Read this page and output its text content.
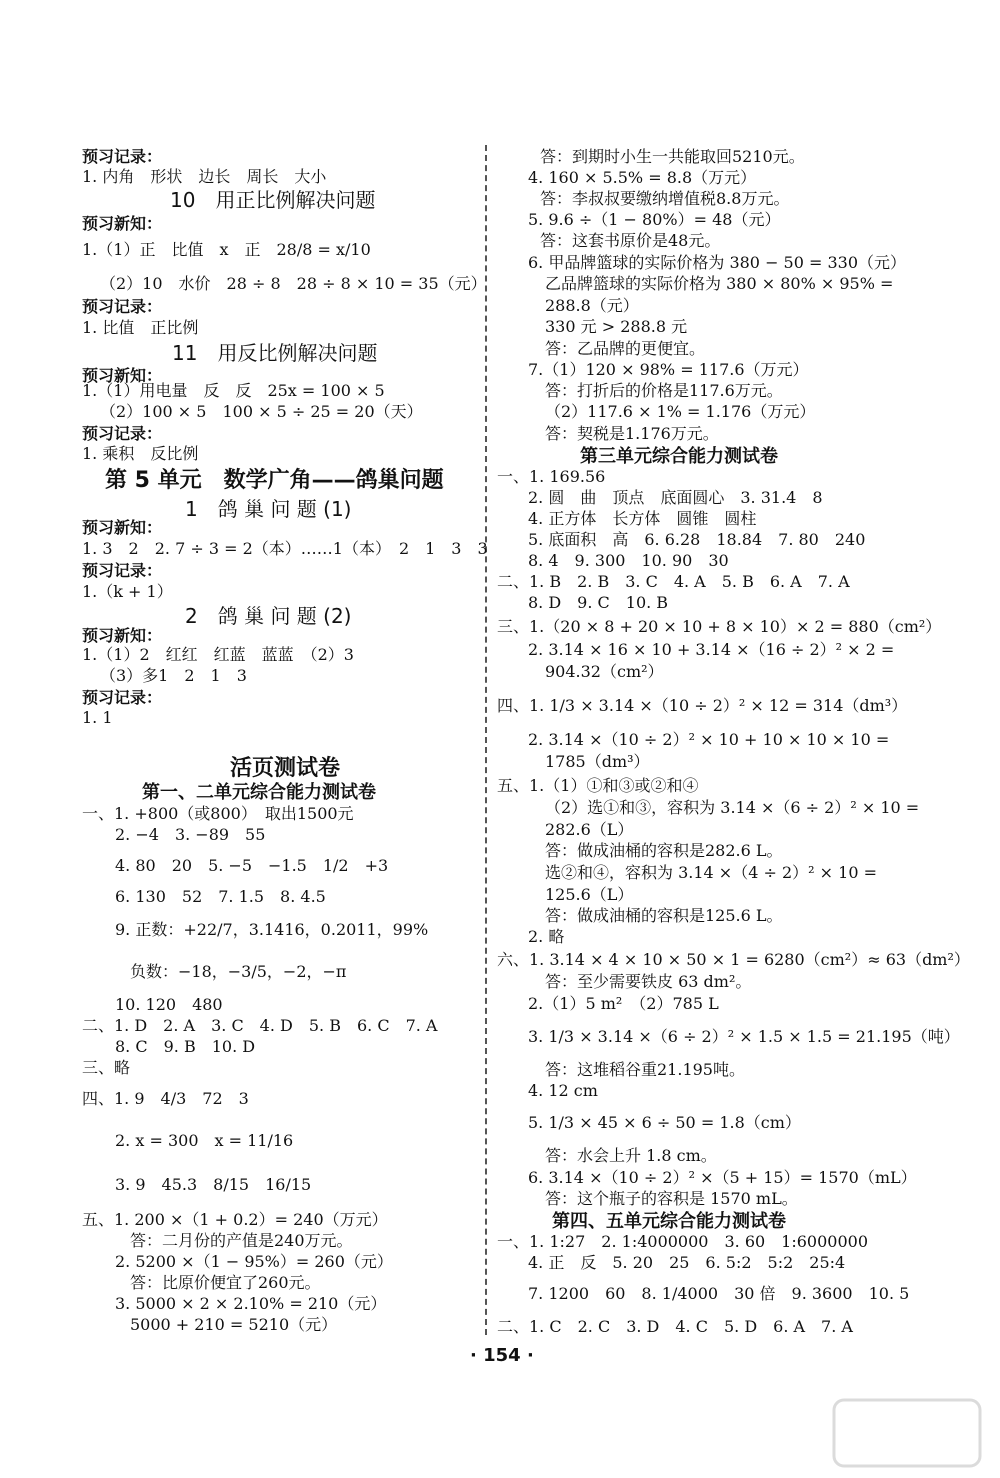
预习记录：
1. 内角　形状　边长　周长　大小
10　用正比例解决问题
预习新知：
1.（1）正　比值　x　正　28/8 = x/10
（2）10　水价　28 ÷ 8　28 ÷ 8 × 10 = 35（元）
预习记录：
1. 比值　正比例
11　用反比例解决问题
预习新知：
1.（1）用电量　反　反　25x = 100 × 5
（2）100 × 5　100 × 5 ÷ 25 = 20（天）
预习记录：
1. 乘积　反比例
第 5 单元　数学广角——鸽巢问题
1　鸽 巢 问 题 (1)
预习新知：
1. 3　2　2. 7 ÷ 3 = 2（本）……1（本）　2　1　3　3
预习记录：
1.（k + 1）
2　鸽 巢 问 题 (2)
预习新知：
1.（1）2　红红　红蓝　蓝蓝　（2）3
（3）多1　2　1　3
预习记录：
1. 1
活页测试卷
第一、二单元综合能力测试卷
一、1. +800（或800）　取出1500元
2. −4　3. −89　55
4. 80　20　5. −5　−1.5　1/2　+3
6. 130　52　7. 1.5　8. 4.5
9. 正数：+22/7，3.1416，0.2011，99%
负数：−18，−3/5，−2，−π
10. 120　480
二、1. D　2. A　3. C　4. D　5. B　6. C　7. A
8. C　9. B　10. D
三、略
四、1. 9　4/3　72　3
2. x = 300　x = 11/16
3. 9　45.3　8/15　16/15
五、1. 200 ×（1 + 0.2）= 240（万元）
答：二月份的产值是240万元。
2. 5200 ×（1 − 95%）= 260（元）
答：比原价便宜了260元。
3. 5000 × 2 × 2.10% = 210（元）
5000 + 210 = 5210（元）
答：到期时小生一共能取回5210元。
4. 160 × 5.5% = 8.8（万元）
答：李叔叔要缴纳增值税8.8万元。
5. 9.6 ÷（1 − 80%）= 48（元）
答：这套书原价是48元。
6. 甲品牌篮球的实际价格为 380 − 50 = 330（元）
乙品牌篮球的实际价格为 380 × 80% × 95% =
288.8（元）
330 元 > 288.8 元
答：乙品牌的更便宜。
7.（1）120 × 98% = 117.6（万元）
答：打折后的价格是117.6万元。
（2）117.6 × 1% = 1.176（万元）
答：契税是1.176万元。
第三单元综合能力测试卷
一、1. 169.56
2. 圆　曲　顶点　底面圆心　3. 31.4　8
4. 正方体　长方体　圆锥　圆柱
5. 底面积　高　6. 6.28　18.84　7. 80　240
8. 4　9. 300　10. 90　30
二、1. B　2. B　3. C　4. A　5. B　6. A　7. A
8. D　9. C　10. B
三、1.（20 × 8 + 20 × 10 + 8 × 10）× 2 = 880（cm²）
2. 3.14 × 16 × 10 + 3.14 ×（16 ÷ 2）² × 2 =
904.32（cm²）
四、1. 1/3 × 3.14 ×（10 ÷ 2）² × 12 = 314（dm³）
2. 3.14 ×（10 ÷ 2）² × 10 + 10 × 10 × 10 =
1785（dm³）
五、1.（1）①和③或②和④
（2）选①和③，容积为 3.14 ×（6 ÷ 2）² × 10 =
282.6（L）
答：做成油桶的容积是282.6 L。
选②和④，容积为 3.14 ×（4 ÷ 2）² × 10 =
125.6（L）
答：做成油桶的容积是125.6 L。
2. 略
六、1. 3.14 × 4 × 10 × 50 × 1 = 6280（cm²）≈ 63（dm²）
答：至少需要铁皮 63 dm²。
2.（1）5 m²　（2）785 L
3. 1/3 × 3.14 ×（6 ÷ 2）² × 1.5 × 1.5 = 21.195（吨）
答：这堆稻谷重21.195吨。
4. 12 cm
5. 1/3 × 45 × 6 ÷ 50 = 1.8（cm）
答：水会上升 1.8 cm。
6. 3.14 ×（10 ÷ 2）² ×（5 + 15）= 1570（mL）
答：这个瓶子的容积是 1570 mL。
第四、五单元综合能力测试卷
一、1. 1:27　2. 1:4000000　3. 60　1:6000000
4. 正　反　5. 20　25　6. 5:2　5:2　25:4
7. 1200　60　8. 1/4000　30 倍　9. 3600　10. 5
二、1. C　2. C　3. D　4. C　5. D　6. A　7. A
· 154 ·
